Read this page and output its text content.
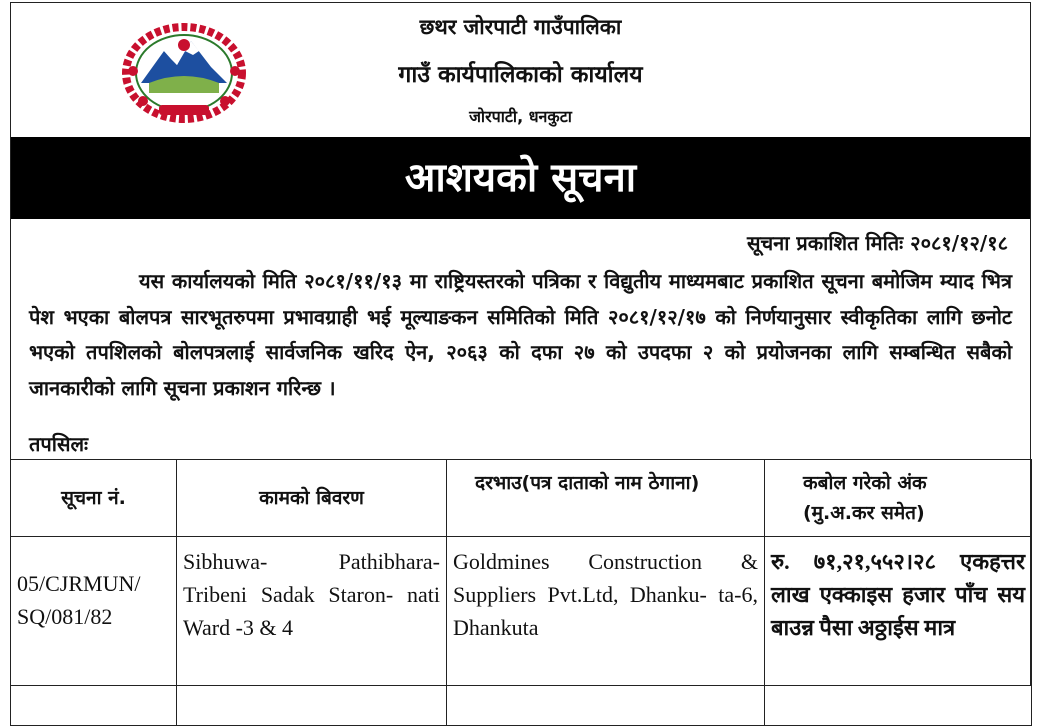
छथर जोरपाटी गाउँपालिका
गाउँ कार्यपालिकाको कार्यालय
जोरपाटी, धनकुटा
आशयको सूचना
सूचना प्रकाशित मितिः २०८१/१२/१८
यस कार्यालयको मिति २०८१/११/१३ मा राष्ट्रियस्तरको पत्रिका र विद्युतीय माध्यमबाट प्रकाशित सूचना बमोजिम म्याद भित्र पेश भएका बोलपत्र सारभूतरुपमा प्रभावग्राही भई मूल्याङकन समितिको मिति २०८१/१२/१७ को निर्णयानुसार स्वीकृतिका लागि छनोट भएको तपशिलको बोलपत्रलाई सार्वजनिक खरिद ऐन, २०६३ को दफा २७ को उपदफा २ को प्रयोजनका लागि सम्बन्धित सबैको जानकारीको लागि सूचना प्रकाशन गरिन्छ ।
तपसिलः
सूचना नं.	कामको बिवरण	दरभाउ(पत्र दाताको नाम ठेगाना)	कबोल गरेको अंक (मु.अ.कर समेत)
05/CJRMUN/ SQ/081/82	Sibhuwa- Pathibhara- Tribeni Sadak Staron- nati Ward -3 & 4	Goldmines Construction & Suppliers Pvt.Ltd, Dhanku- ta-6, Dhankuta	रु. ७१,२१,५५२।२८ एकहत्तर लाख एक्काइस हजार पाँच सय बाउन्न पैसा अठ्ठाईस मात्र
